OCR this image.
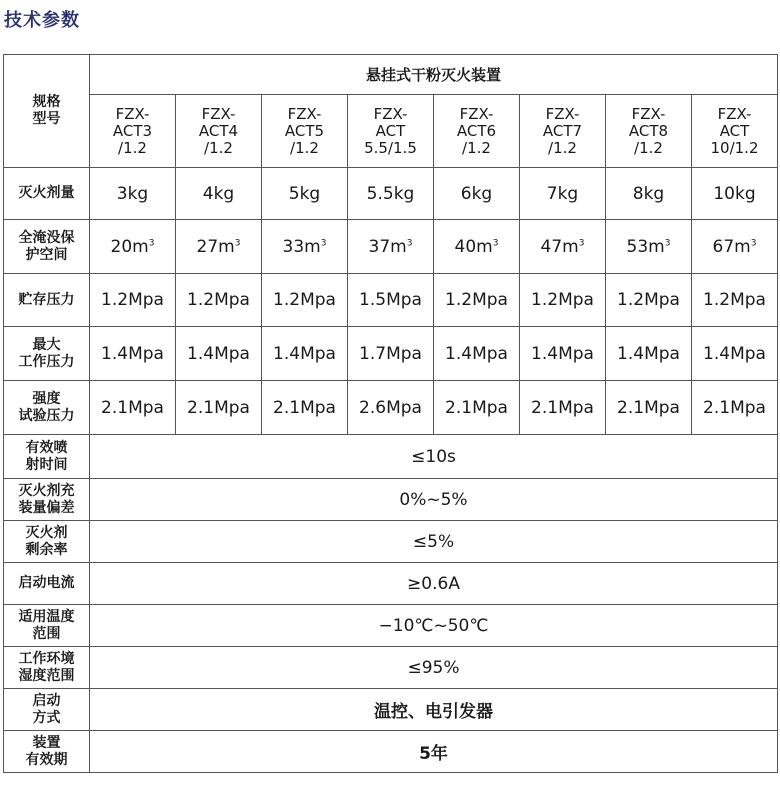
技术参数
规格
型号	悬挂式干粉灭火装置							
	FZX-
ACT3
/1.2	FZX-
ACT4
/1.2	FZX-
ACT5
/1.2	FZX-
ACT
5.5/1.5	FZX-
ACT6
/1.2	FZX-
ACT7
/1.2	FZX-
ACT8
/1.2	FZX-
ACT
10/1.2
灭火剂量	3kg	4kg	5kg	5.5kg	6kg	7kg	8kg	10kg
全淹没保
护空间	$20m^3$	$27m^3$	$33m^3$	$37m^3$	$40m^3$	$47m^3$	$53m^3$	$67m^3$
贮存压力	1.2Mpa	1.2Mpa	1.2Mpa	1.5Mpa	1.2Mpa	1.2Mpa	1.2Mpa	1.2Mpa
最大
工作压力	1.4Mpa	1.4Mpa	1.4Mpa	1.7Mpa	1.4Mpa	1.4Mpa	1.4Mpa	1.4Mpa
强度
试验压力	2.1Mpa	2.1Mpa	2.1Mpa	2.6Mpa	2.1Mpa	2.1Mpa	2.1Mpa	2.1Mpa
有效喷
射时间	≤10s							
灭火剂充
装量偏差	0%~5%							
灭火剂
剩余率	≤5%							
启动电流	≥0.6A							
适用温度
范围	−10℃~50℃							
工作环境
湿度范围	≤95%							
启动
方式	温控、电引发器							
装置
有效期	5年							
